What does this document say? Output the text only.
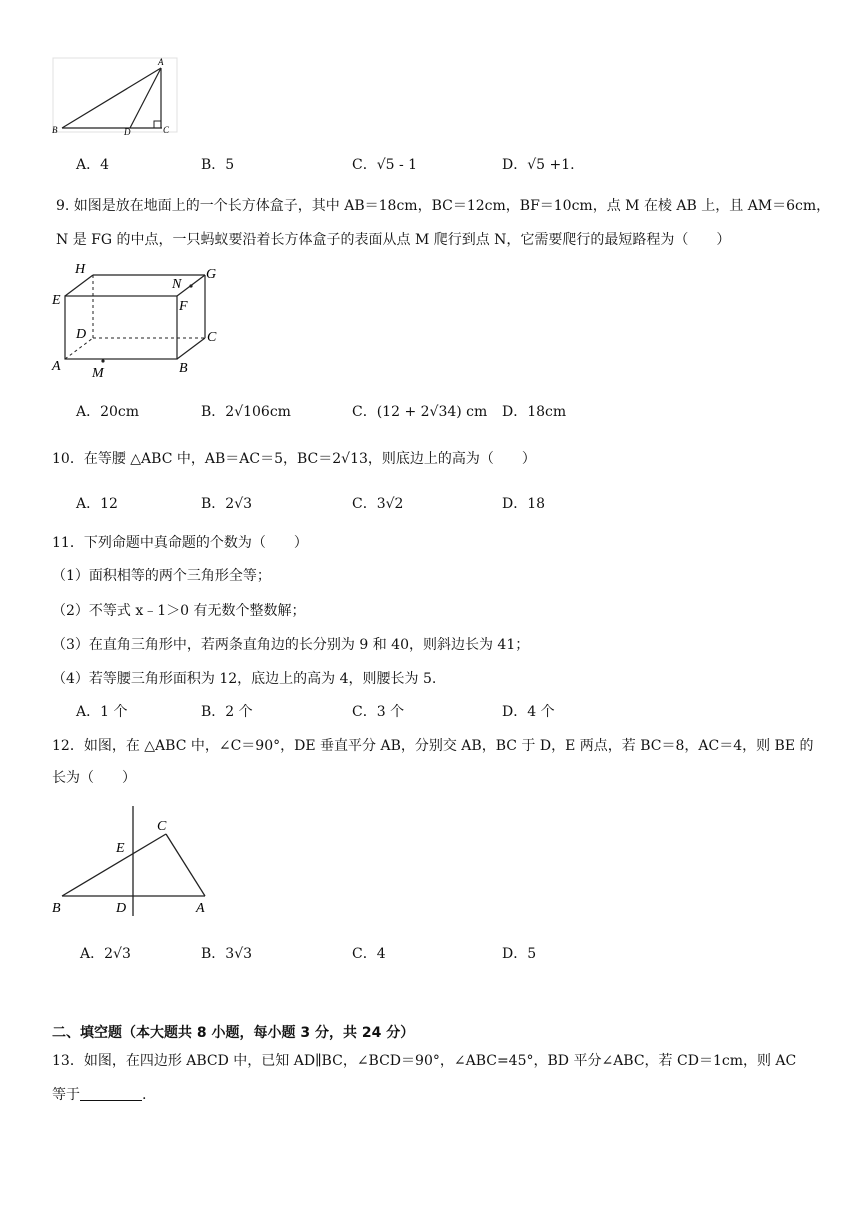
A
B	D	C
A．4	B．5	C．√5 ‑ 1	D．√5 +1.
9. 如图是放在地面上的一个长方体盒子，其中 AB＝18cm，BC＝12cm，BF＝10cm，点 M 在棱 AB 上，且 AM＝6cm，
N 是 FG 的中点，一只蚂蚁要沿着长方体盒子的表面从点 M 爬行到点 N，它需要爬行的最短路程为（　　）
H	G
E
N
F
D	C
A M	B
A．20cm	B．2√106cm	C．(12 + 2√34) cm D．18cm
10．在等腰 △ABC 中，AB＝AC＝5，BC＝2√13，则底边上的高为（　　）
A．12	B．2√3	C．3√2	D．18
11．下列命题中真命题的个数为（　　）
（1）面积相等的两个三角形全等；
（2）不等式 x﹣1＞0 有无数个整数解；
（3）在直角三角形中，若两条直角边的长分别为 9 和 40，则斜边长为 41；
（4）若等腰三角形面积为 12，底边上的高为 4，则腰长为 5.
A．1 个	B．2 个	C．3 个	D．4 个
12．如图，在 △ABC 中，∠C＝90°，DE 垂直平分 AB，分别交 AB，BC 于 D，E 两点，若 BC＝8，AC＝4，则 BE 的
长为（　　）
C
E
B	D	A
A．2√3	B．3√3	C．4	D．5
二、填空题（本大题共 8 小题，每小题 3 分，共 24 分）
13．如图，在四边形 ABCD 中，已知 AD∥BC，∠BCD＝90°，∠ABC=45°，BD 平分∠ABC，若 CD＝1cm，则 AC
等于	.
